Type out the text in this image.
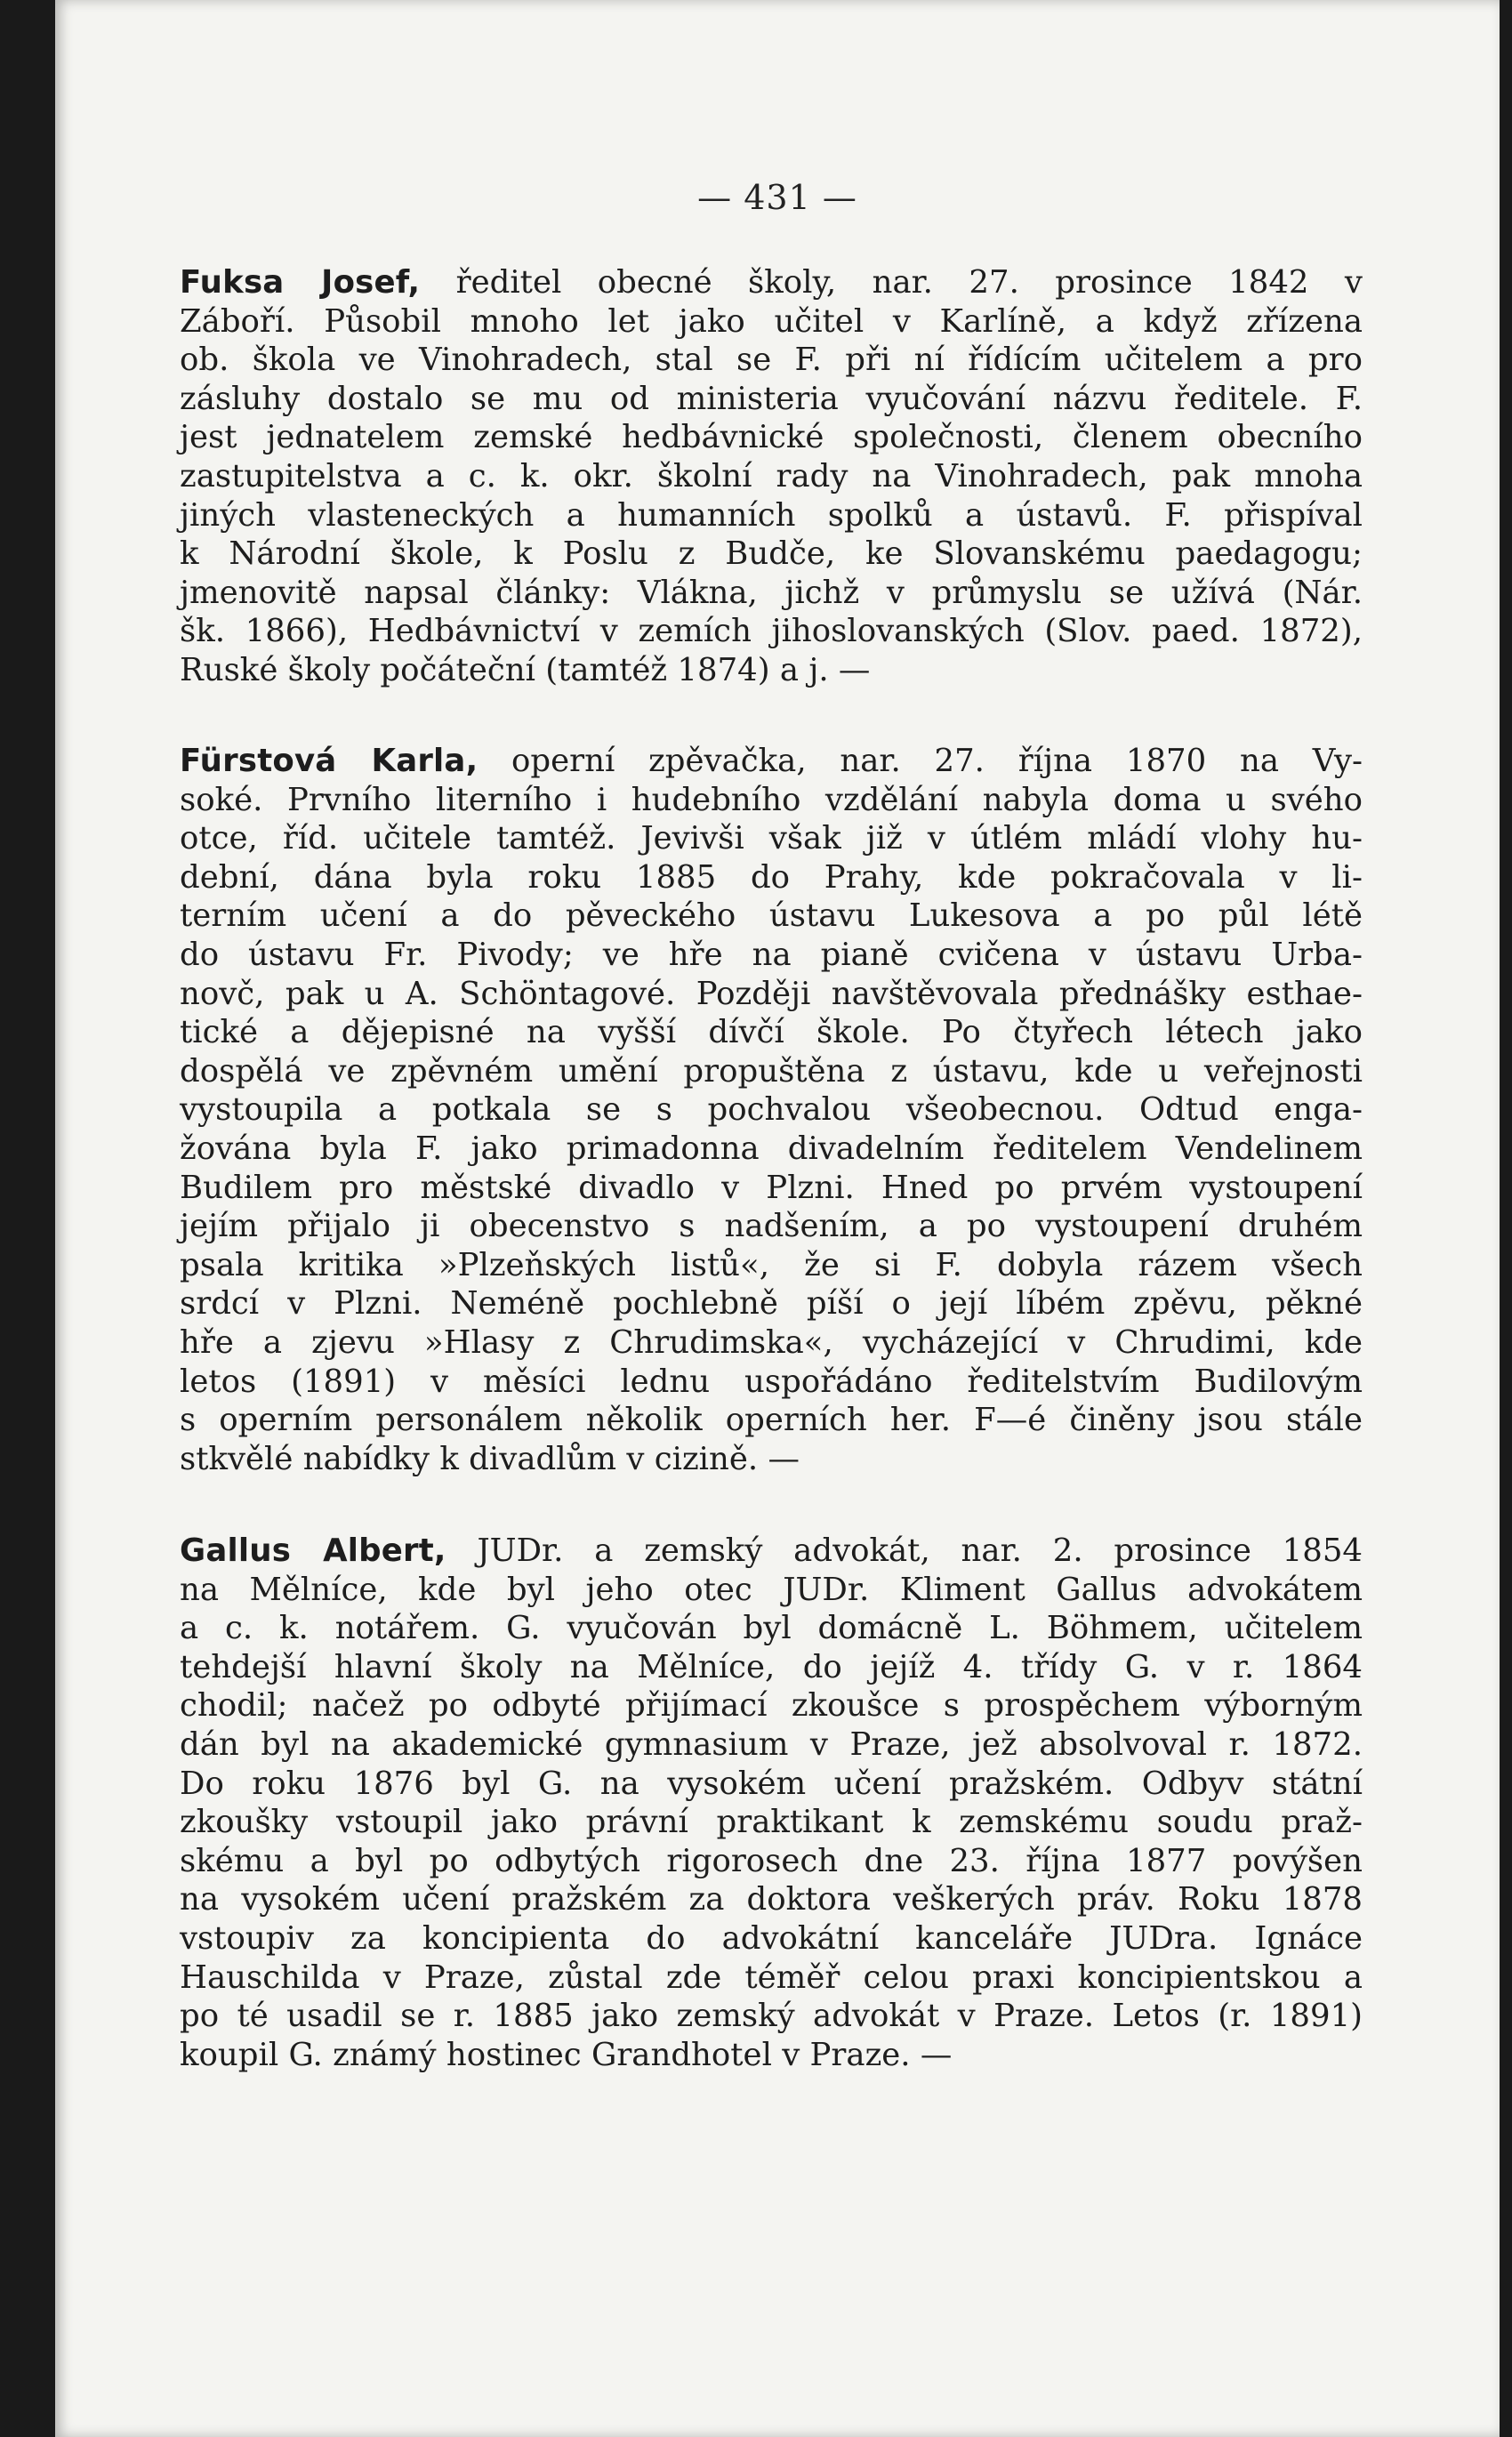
— 431 —
Fuksa Josef, ředitel obecné školy, nar. 27. prosince 1842 v
Záboří. Působil mnoho let jako učitel v Karlíně, a když zřízena
ob. škola ve Vinohradech, stal se F. při ní řídícím učitelem a pro
zásluhy dostalo se mu od ministeria vyučování názvu ředitele. F.
jest jednatelem zemské hedbávnické společnosti, členem obecního
zastupitelstva a c. k. okr. školní rady na Vinohradech, pak mnoha
jiných vlasteneckých a humanních spolků a ústavů. F. přispíval
k Národní škole, k Poslu z Budče, ke Slovanskému paedagogu;
jmenovitě napsal články: Vlákna, jichž v průmyslu se užívá (Nár.
šk. 1866), Hedbávnictví v zemích jihoslovanských (Slov. paed. 1872),
Ruské školy počáteční (tamtéž 1874) a j. —
Fürstová Karla, operní zpěvačka, nar. 27. října 1870 na Vy-
soké. Prvního literního i hudebního vzdělání nabyla doma u svého
otce, říd. učitele tamtéž. Jevivši však již v útlém mládí vlohy hu-
dební, dána byla roku 1885 do Prahy, kde pokračovala v li-
terním učení a do pěveckého ústavu Lukesova a po půl létě
do ústavu Fr. Pivody; ve hře na pianě cvičena v ústavu Urba-
novč, pak u A. Schöntagové. Později navštěvovala přednášky esthae-
tické a dějepisné na vyšší dívčí škole. Po čtyřech létech jako
dospělá ve zpěvném umění propuštěna z ústavu, kde u veřejnosti
vystoupila a potkala se s pochvalou všeobecnou. Odtud enga-
žována byla F. jako primadonna divadelním ředitelem Vendelinem
Budilem pro městské divadlo v Plzni. Hned po prvém vystoupení
jejím přijalo ji obecenstvo s nadšením, a po vystoupení druhém
psala kritika »Plzeňských listů«, že si F. dobyla rázem všech
srdcí v Plzni. Neméně pochlebně píší o její líbém zpěvu, pěkné
hře a zjevu »Hlasy z Chrudimska«, vycházející v Chrudimi, kde
letos (1891) v měsíci lednu uspořádáno ředitelstvím Budilovým
s operním personálem několik operních her. F—é činěny jsou stále
stkvělé nabídky k divadlům v cizině. —
Gallus Albert, JUDr. a zemský advokát, nar. 2. prosince 1854
na Mělníce, kde byl jeho otec JUDr. Kliment Gallus advokátem
a c. k. notářem. G. vyučován byl domácně L. Böhmem, učitelem
tehdejší hlavní školy na Mělníce, do jejíž 4. třídy G. v r. 1864
chodil; načež po odbyté přijímací zkoušce s prospěchem výborným
dán byl na akademické gymnasium v Praze, jež absolvoval r. 1872.
Do roku 1876 byl G. na vysokém učení pražském. Odbyv státní
zkoušky vstoupil jako právní praktikant k zemskému soudu praž-
skému a byl po odbytých rigorosech dne 23. října 1877 povýšen
na vysokém učení pražském za doktora veškerých práv. Roku 1878
vstoupiv za koncipienta do advokátní kanceláře JUDra. Ignáce
Hauschilda v Praze, zůstal zde téměř celou praxi koncipientskou a
po té usadil se r. 1885 jako zemský advokát v Praze. Letos (r. 1891)
koupil G. známý hostinec Grandhotel v Praze. —
